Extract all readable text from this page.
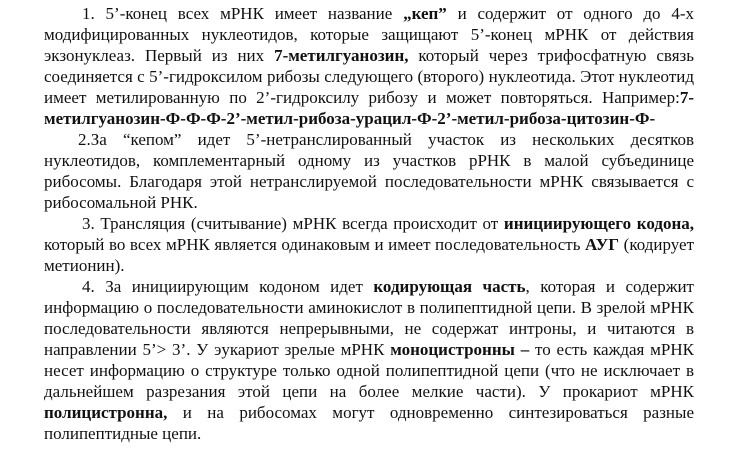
1. 5’-конец всех мРНК имеет название „кеп” и содержит от одного до 4-х модифицированных нуклеотидов, которые защищают 5’-конец мРНК от действия экзонуклеаз. Первый из них 7-метилгуанозин, который через трифосфатную связь соединяется с 5’-гидроксилом рибозы следующего (второго) нуклеотида. Этот нуклеотид имеет метилированную по 2’-гидроксилу рибозу и может повторяться. Например:7-метилгуанозин-Ф-Ф-Ф-2’-метил-рибоза-урацил-Ф-2’-метил-рибоза-цитозин-Ф-

2.За “кепом” идет 5’-нетранслированный участок из нескольких десятков нуклеотидов, комплементарный одному из участков рРНК в малой субъединице рибосомы. Благодаря этой нетранслируемой последовательности мРНК связывается с рибосомальной РНК.

3. Трансляция (считывание) мРНК всегда происходит от инициирующего кодона, который во всех мРНК является одинаковым и имеет последовательность АУГ (кодирует метионин).

4. За инициирующим кодоном идет кодирующая часть, которая и содержит информацию о последовательности аминокислот в полипептидной цепи. В зрелой мРНК последовательности являются непрерывными, не содержат интроны, и читаются в направлении 5’> 3’. У эукариот зрелые мРНК моноцистронны – то есть каждая мРНК несет информацию о структуре только одной полипептидной цепи (что не исключает в дальнейшем разрезания этой цепи на более мелкие части). У прокариот мРНК полицистронна, и на рибосомах могут одновременно синтезироваться разные полипептидные цепи.
